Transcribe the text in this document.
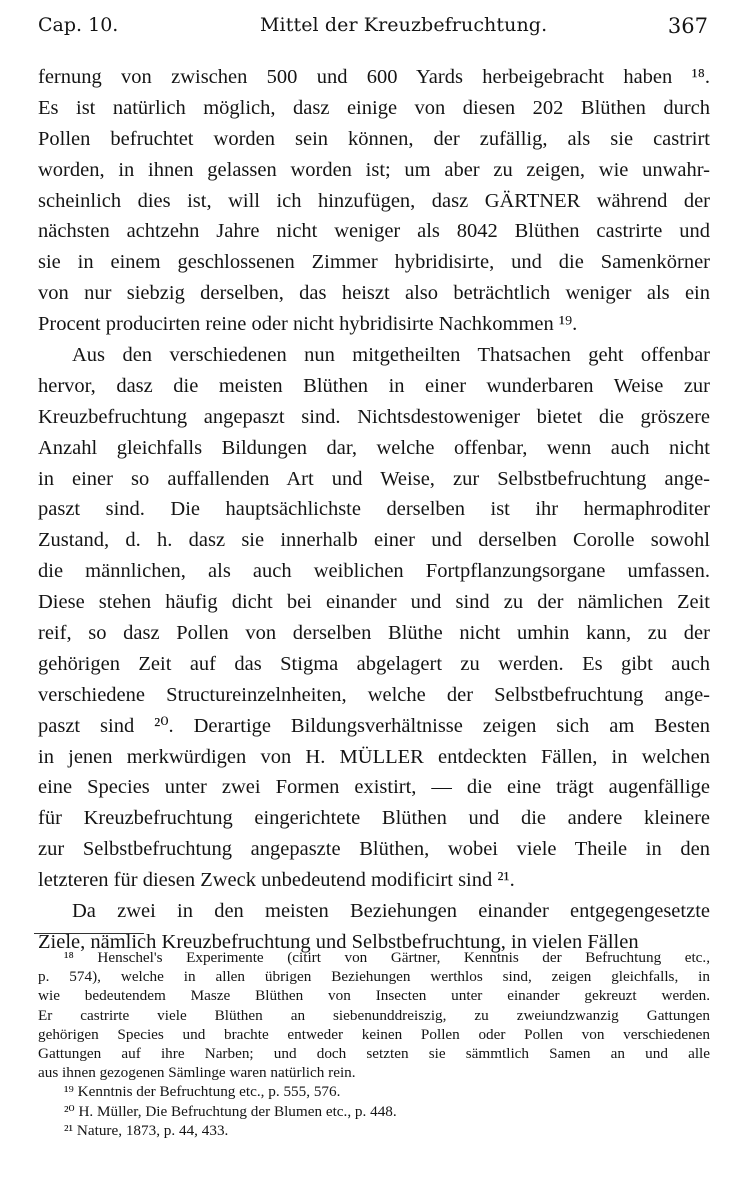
Cap. 10.	Mittel der Kreuzbefruchtung.	367
fernung von zwischen 500 und 600 Yards herbeigebracht haben ¹⁸.
Es ist natürlich möglich, dasz einige von diesen 202 Blüthen durch
Pollen befruchtet worden sein können, der zufällig, als sie castrirt
worden, in ihnen gelassen worden ist; um aber zu zeigen, wie unwahr-
scheinlich dies ist, will ich hinzufügen, dasz GÄRTNER während der
nächsten achtzehn Jahre nicht weniger als 8042 Blüthen castrirte und
sie in einem geschlossenen Zimmer hybridisirte, und die Samenkörner
von nur siebzig derselben, das heiszt also beträchtlich weniger als ein
Procent producirten reine oder nicht hybridisirte Nachkommen ¹⁹.
Aus den verschiedenen nun mitgetheilten Thatsachen geht offenbar
hervor, dasz die meisten Blüthen in einer wunderbaren Weise zur
Kreuzbefruchtung angepaszt sind. Nichtsdestoweniger bietet die gröszere
Anzahl gleichfalls Bildungen dar, welche offenbar, wenn auch nicht
in einer so auffallenden Art und Weise, zur Selbstbefruchtung ange-
paszt sind. Die hauptsächlichste derselben ist ihr hermaphroditer
Zustand, d. h. dasz sie innerhalb einer und derselben Corolle sowohl
die männlichen, als auch weiblichen Fortpflanzungsorgane umfassen.
Diese stehen häufig dicht bei einander und sind zu der nämlichen Zeit
reif, so dasz Pollen von derselben Blüthe nicht umhin kann, zu der
gehörigen Zeit auf das Stigma abgelagert zu werden. Es gibt auch
verschiedene Structureinzelnheiten, welche der Selbstbefruchtung ange-
paszt sind ²⁰. Derartige Bildungsverhältnisse zeigen sich am Besten
in jenen merkwürdigen von H. MÜLLER entdeckten Fällen, in welchen
eine Species unter zwei Formen existirt, — die eine trägt augenfällige
für Kreuzbefruchtung eingerichtete Blüthen und die andere kleinere
zur Selbstbefruchtung angepaszte Blüthen, wobei viele Theile in den
letzteren für diesen Zweck unbedeutend modificirt sind ²¹.
Da zwei in den meisten Beziehungen einander entgegengesetzte
Ziele, nämlich Kreuzbefruchtung und Selbstbefruchtung, in vielen Fällen
¹⁸ Henschel's Experimente (citirt von Gärtner, Kenntnis der Befruchtung etc.,
p. 574), welche in allen übrigen Beziehungen werthlos sind, zeigen gleichfalls, in
wie bedeutendem Masze Blüthen von Insecten unter einander gekreuzt werden.
Er castrirte viele Blüthen an siebenunddreiszig, zu zweiundzwanzig Gattungen
gehörigen Species und brachte entweder keinen Pollen oder Pollen von verschiedenen
Gattungen auf ihre Narben; und doch setzten sie sämmtlich Samen an und alle
aus ihnen gezogenen Sämlinge waren natürlich rein.
¹⁹ Kenntnis der Befruchtung etc., p. 555, 576.
²⁰ H. Müller, Die Befruchtung der Blumen etc., p. 448.
²¹ Nature, 1873, p. 44, 433.
